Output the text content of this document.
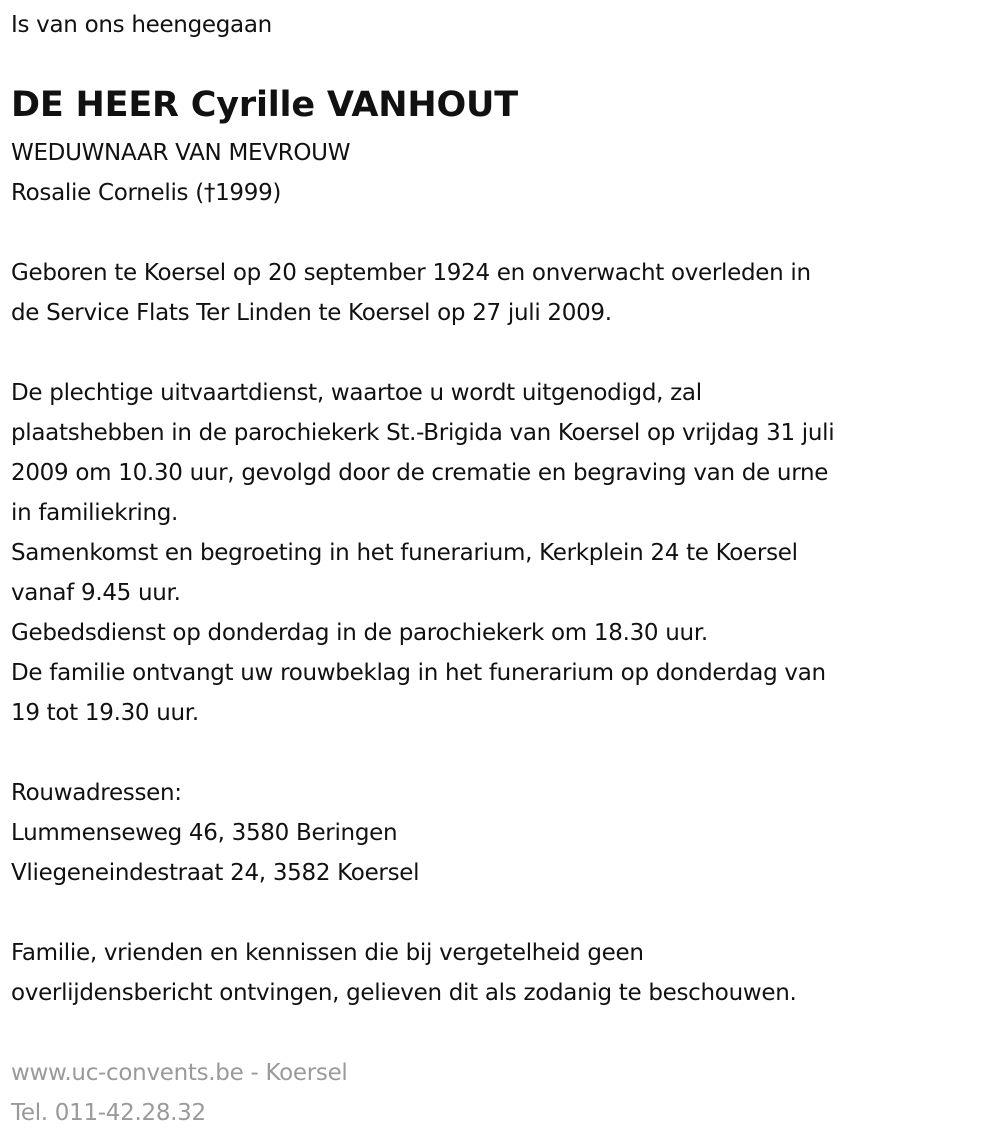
Is van ons heengegaan
DE HEER Cyrille VANHOUT
WEDUWNAAR VAN MEVROUW
Rosalie Cornelis (†1999)
Geboren te Koersel op 20 september 1924 en onverwacht overleden in
de Service Flats Ter Linden te Koersel op 27 juli 2009.
De plechtige uitvaartdienst, waartoe u wordt uitgenodigd, zal
plaatshebben in de parochiekerk St.-Brigida van Koersel op vrijdag 31 juli
2009 om 10.30 uur, gevolgd door de crematie en begraving van de urne
in familiekring.
Samenkomst en begroeting in het funerarium, Kerkplein 24 te Koersel
vanaf 9.45 uur.
Gebedsdienst op donderdag in de parochiekerk om 18.30 uur.
De familie ontvangt uw rouwbeklag in het funerarium op donderdag van
19 tot 19.30 uur.
Rouwadressen:
Lummenseweg 46, 3580 Beringen
Vliegeneindestraat 24, 3582 Koersel
Familie, vrienden en kennissen die bij vergetelheid geen
overlijdensbericht ontvingen, gelieven dit als zodanig te beschouwen.
www.uc-convents.be - Koersel
Tel. 011-42.28.32
